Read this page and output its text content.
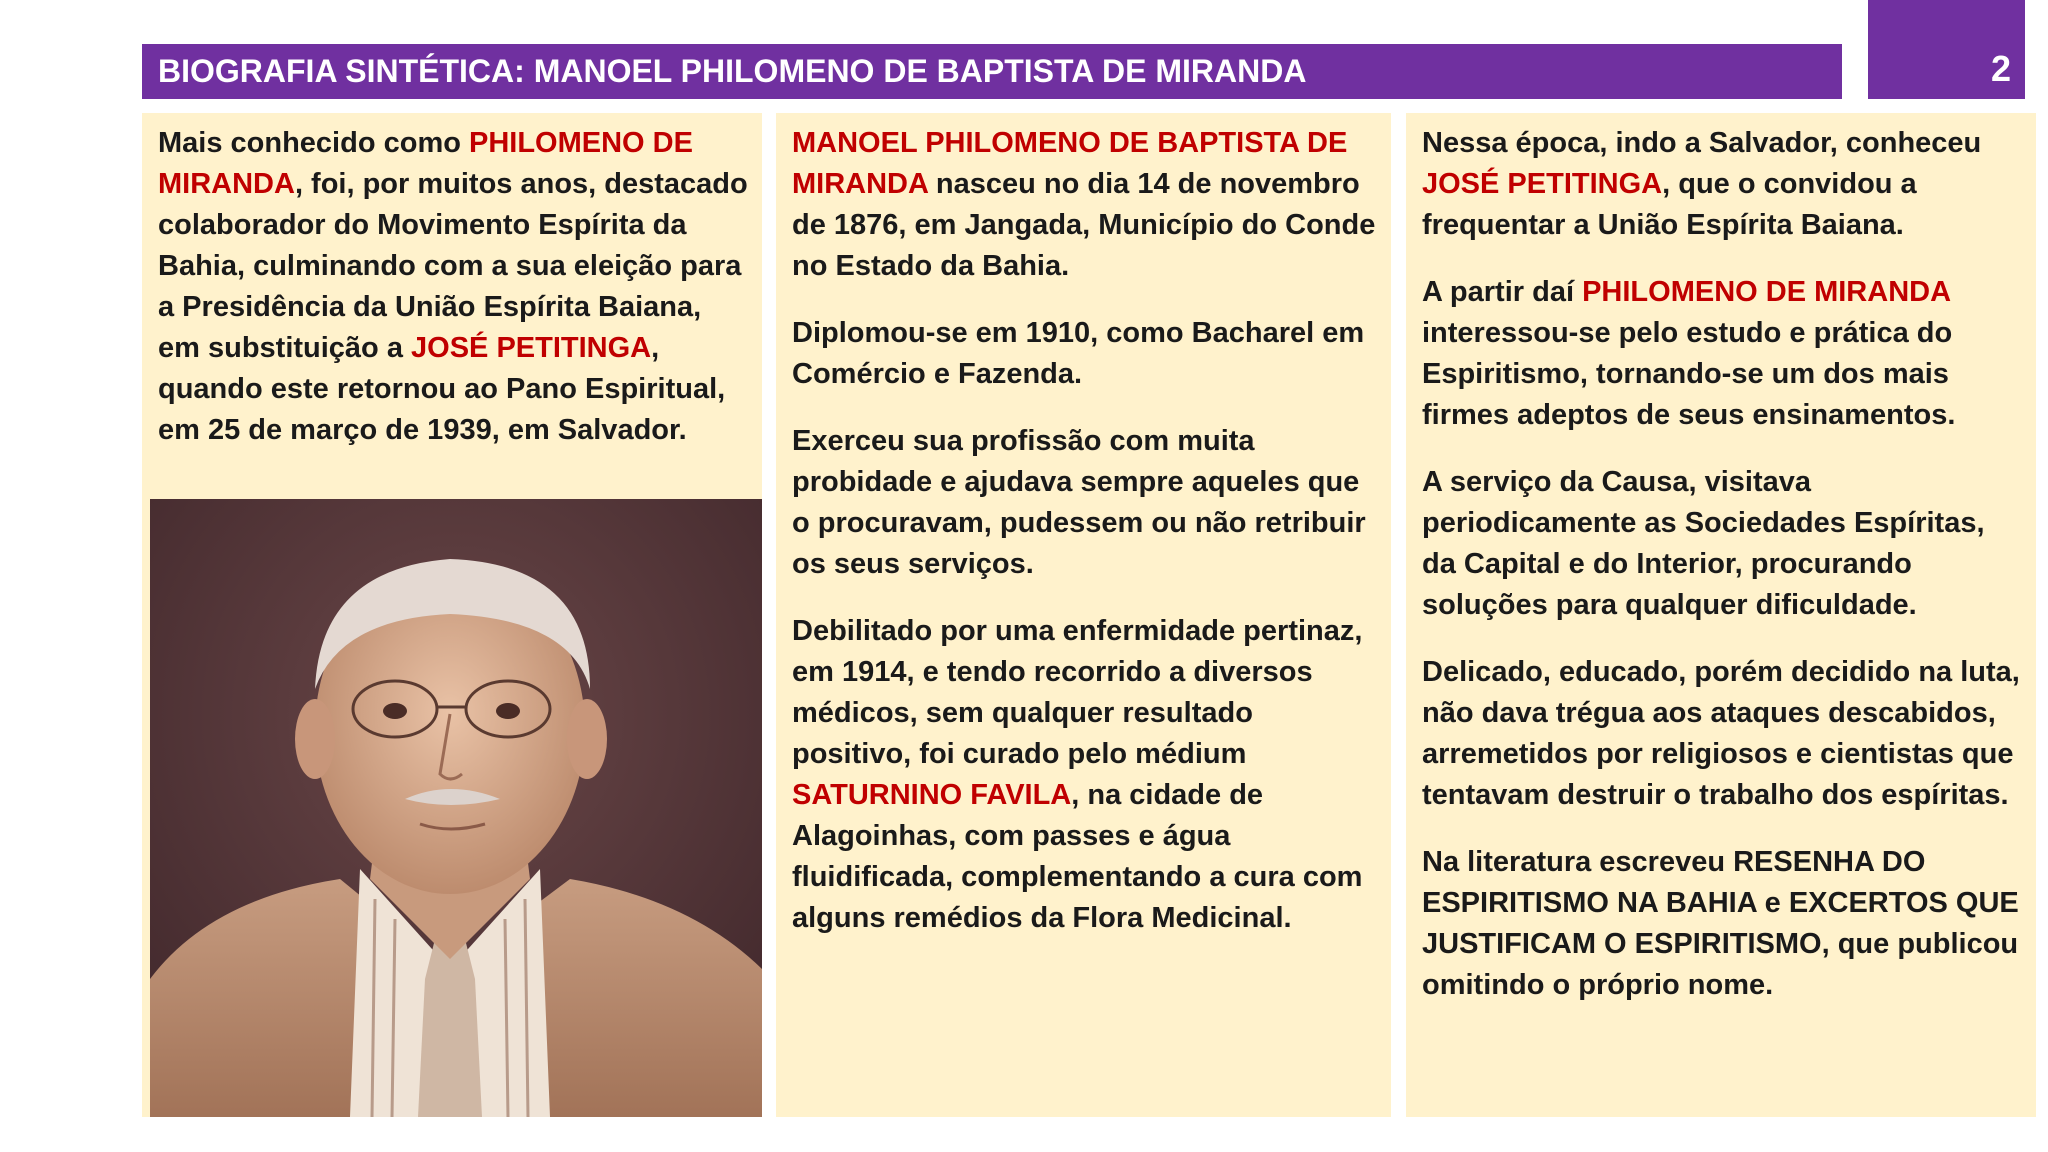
BIOGRAFIA SINTÉTICA: MANOEL PHILOMENO DE BAPTISTA DE MIRANDA	2

Mais conhecido como PHILOMENO DE MIRANDA, foi, por muitos anos, destacado colaborador do Movimento Espírita da Bahia, culminando com a sua eleição para a Presidência da União Espírita Baiana, em substituição a JOSÉ PETITINGA, quando este retornou ao Pano Espiritual, em 25 de março de 1939, em Salvador.

MANOEL PHILOMENO DE BAPTISTA DE MIRANDA nasceu no dia 14 de novembro de 1876, em Jangada, Município do Conde no Estado da Bahia.

Diplomou-se em 1910, como Bacharel em Comércio e Fazenda.

Exerceu sua profissão com muita probidade e ajudava sempre aqueles que o procuravam, pudessem ou não retribuir os seus serviços.

Debilitado por uma enfermidade pertinaz, em 1914, e tendo recorrido a diversos médicos, sem qualquer resultado positivo, foi curado pelo médium SATURNINO FAVILA, na cidade de Alagoinhas, com passes e água fluidificada, complementando a cura com alguns remédios da Flora Medicinal.

Nessa época, indo a Salvador, conheceu JOSÉ PETITINGA, que o convidou a frequentar a União Espírita Baiana.

A partir daí PHILOMENO DE MIRANDA interessou-se pelo estudo e prática do Espiritismo, tornando-se um dos mais firmes adeptos de seus ensinamentos.

A serviço da Causa, visitava periodicamente as Sociedades Espíritas, da Capital e do Interior, procurando soluções para qualquer dificuldade.

Delicado, educado, porém decidido na luta, não dava trégua aos ataques descabidos, arremetidos por religiosos e cientistas que tentavam destruir o trabalho dos espíritas.

Na literatura escreveu RESENHA DO ESPIRITISMO NA BAHIA e EXCERTOS QUE JUSTIFICAM O ESPIRITISMO, que publicou omitindo o próprio nome.
